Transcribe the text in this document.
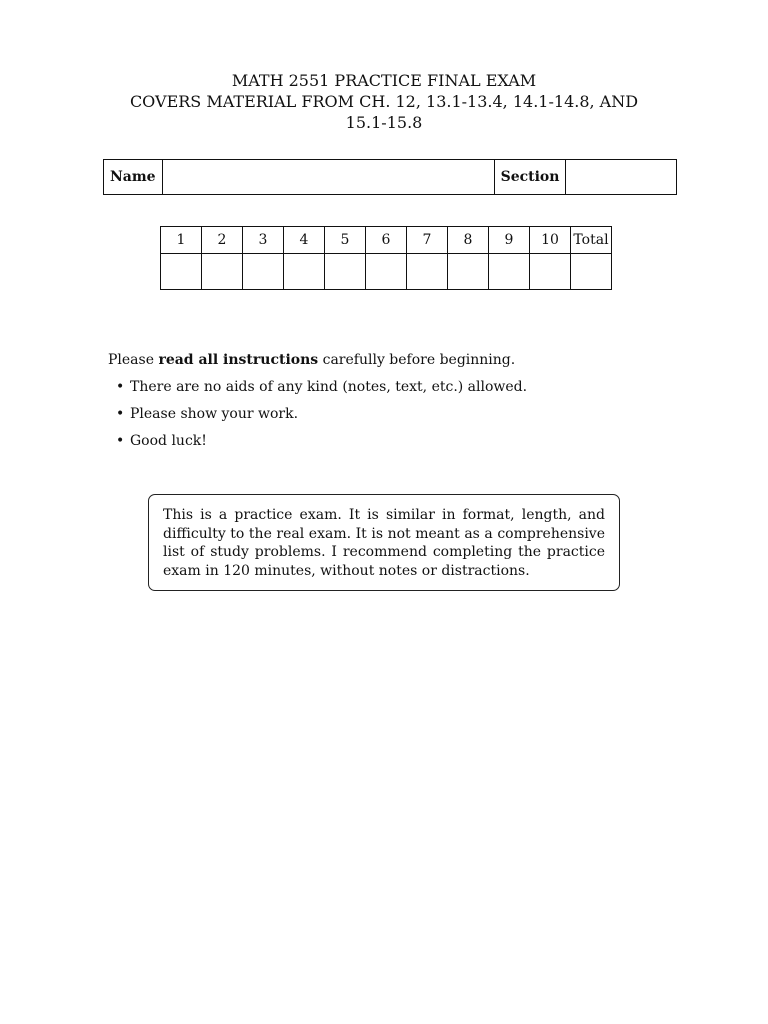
MATH 2551 PRACTICE FINAL EXAM
COVERS MATERIAL FROM CH. 12, 13.1-13.4, 14.1-14.8, AND
15.1-15.8
Name		Section	
1	2	3	4	5	6	7	8	9	10	Total

Please read all instructions carefully before beginning.

• There are no aids of any kind (notes, text, etc.) allowed.
• Please show your work.
• Good luck!
This is a practice exam. It is similar in format, length, and difficulty to the real exam. It is not meant as a comprehensive list of study problems. I recommend completing the practice exam in 120 minutes, without notes or distractions.
